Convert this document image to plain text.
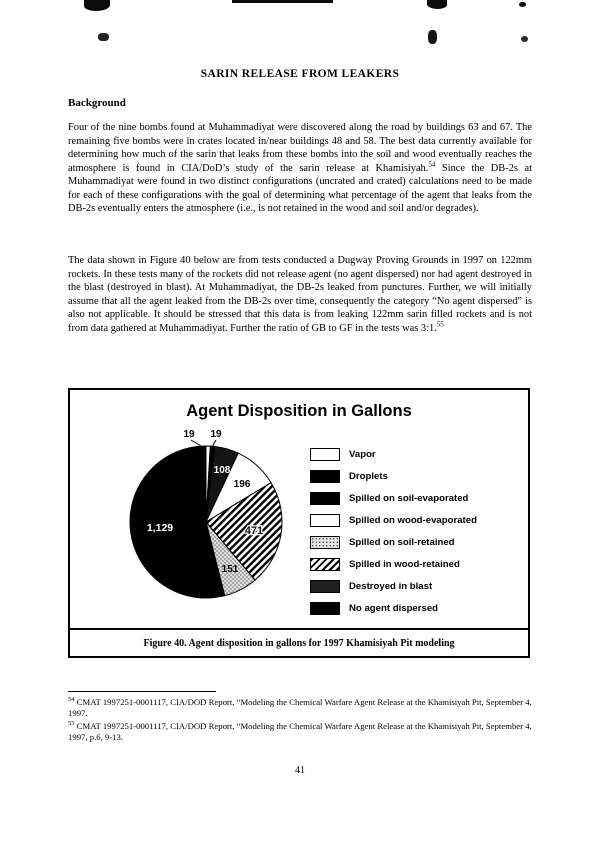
SARIN RELEASE FROM LEAKERS
Background
Four of the nine bombs found at Muhammadiyat were discovered along the road by buildings 63 and 67. The remaining five bombs were in crates located in/near buildings 48 and 58. The best data currently available for determining how much of the sarin that leaks from these bombs into the soil and wood eventually reaches the atmosphere is found in CIA/DoD’s study of the sarin release at Khamisiyah.$^{54}$ Since the DB-2s at Muhammadiyat were found in two distinct configurations (uncrated and crated) calculations need to be made for each of these configurations with the goal of determining what percentage of the agent that leaks from the DB-2s eventually enters the atmosphere (i.e., is not retained in the wood and soil and/or degrades).
The data shown in Figure 40 below are from tests conducted a Dugway Proving Grounds in 1997 on 122mm rockets. In these tests many of the rockets did not release agent (no agent dispersed) nor had agent destroyed in the blast (destroyed in blast). At Muhammadiyat, the DB-2s leaked from punctures. Further, we will initially assume that all the agent leaked from the DB-2s over time, consequently the category “No agent dispersed” is also not applicable. It should be stressed that this data is from leaking 122mm sarin filled rockets and is not from data gathered at Muhammadiyat. Further the ratio of GB to GF in the tests was 3:1.55
Agent Disposition in Gallons
19 19
108
196
471
151
1,129
Vapor
Droplets
Spilled on soil-evaporated
Spilled on wood-evaporated
Spilled on soil-retained
Spilled in wood-retained
Destroyed in blast
No agent dispersed
Figure 40. Agent disposition in gallons for 1997 Khamisiyah Pit modeling
$^{54}$ CMAT 1997251-0001117, CIA/DOD Report, “Modeling the Chemical Warfare Agent Release at the Khamisiyah Pit, September 4, 1997.
$^{55}$ CMAT 1997251-0001117, CIA/DOD Report, “Modeling the Chemical Warfare Agent Release at the Khamisiyah Pit, September 4, 1997, p.6, 9-13.
41
